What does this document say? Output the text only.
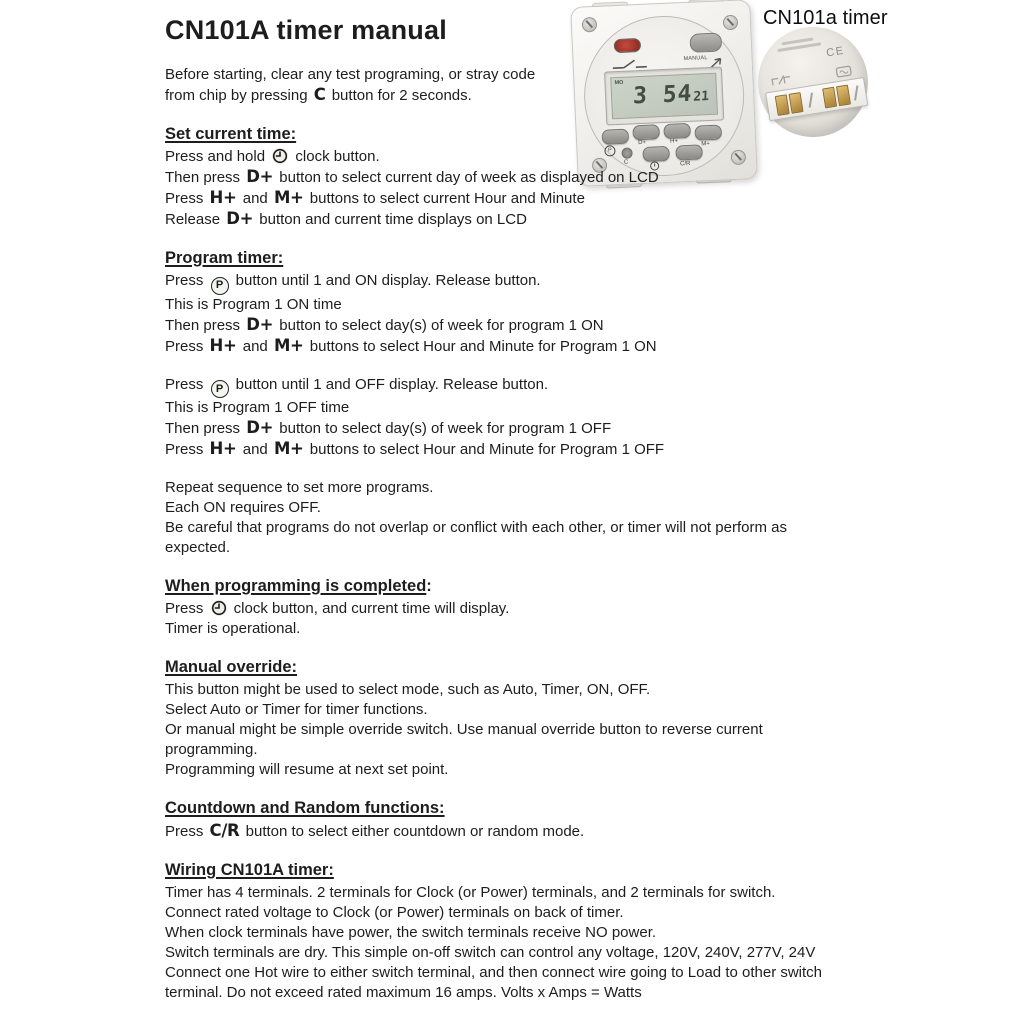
MANUAL
MO 3 5421
P
D+	H+	M+
C	C/R
CN101a timer
CE
CN101A timer manual
Before starting, clear any test programing, or stray code
from chip by pressing C button for 2 seconds.
Set current time:
Press and hold
clock button.
Then press D+ button to select current day of week as displayed on LCD
Press H+ and M+ buttons to select current Hour and Minute
Release D+ button and current time displays on LCD
Program timer:
Press P button until 1 and ON display. Release button.
This is Program 1 ON time
Then press D+ button to select day(s) of week for program 1 ON
Press H+ and M+ buttons to select Hour and Minute for Program 1 ON
Press P button until 1 and OFF display. Release button.
This is Program 1 OFF time
Then press D+ button to select day(s) of week for program 1 OFF
Press H+ and M+ buttons to select Hour and Minute for Program 1 OFF
Repeat sequence to set more programs.
Each ON requires OFF.
Be careful that programs do not overlap or conflict with each other, or timer will not perform as
expected.
When programming is completed:
Press
clock button, and current time will display.
Timer is operational.
Manual override:
This button might be used to select mode, such as Auto, Timer, ON, OFF.
Select Auto or Timer for timer functions.
Or manual might be simple override switch. Use manual override button to reverse current
programming.
Programming will resume at next set point.
Countdown and Random functions:
Press C/R button to select either countdown or random mode.
Wiring CN101A timer:
Timer has 4 terminals. 2 terminals for Clock (or Power) terminals, and 2 terminals for switch.
Connect rated voltage to Clock (or Power) terminals on back of timer.
When clock terminals have power, the switch terminals receive NO power.
Switch terminals are dry. This simple on-off switch can control any voltage, 120V, 240V, 277V, 24V
Connect one Hot wire to either switch terminal, and then connect wire going to Load to other switch
terminal. Do not exceed rated maximum 16 amps. Volts x Amps = Watts
